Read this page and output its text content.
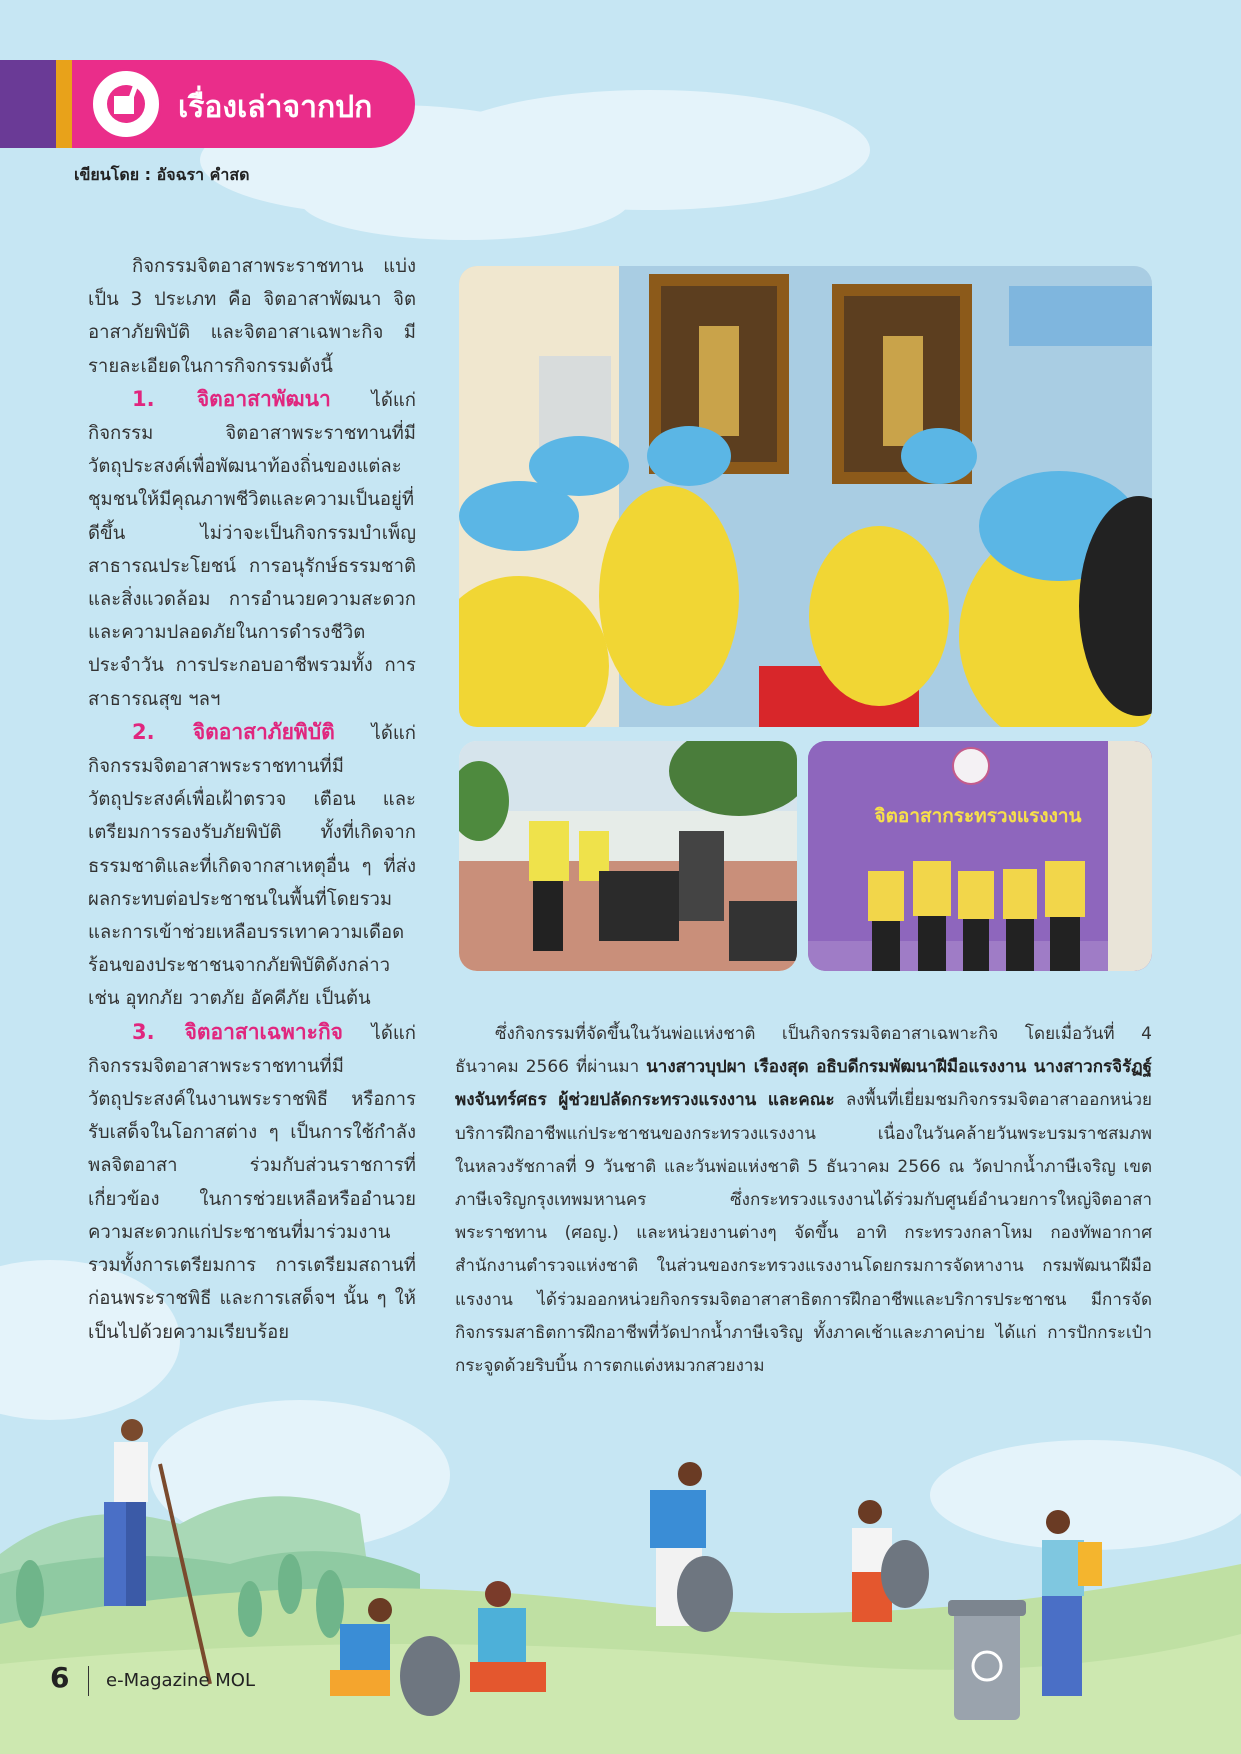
เรื่องเล่าจากปก
เขียนโดย : อัจฉรา คำสด

กิจกรรมจิตอาสาพระราชทาน แบ่งเป็น 3 ประเภท คือ จิตอาสาพัฒนา จิตอาสาภัยพิบัติ และจิตอาสาเฉพาะกิจ มีรายละเอียดในการกิจกรรมดังนี้

1. จิตอาสาพัฒนา ได้แก่ กิจกรรม จิตอาสาพระราชทานที่มีวัตถุประสงค์เพื่อพัฒนาท้องถิ่นของแต่ละชุมชนให้มีคุณภาพชีวิตและความเป็นอยู่ที่ดีขึ้น ไม่ว่าจะเป็นกิจกรรมบำเพ็ญสาธารณประโยชน์ การอนุรักษ์ธรรมชาติและสิ่งแวดล้อม การอำนวยความสะดวกและความปลอดภัยในการดำรงชีวิตประจำวัน การประกอบอาชีพรวมทั้ง การสาธารณสุข ฯลฯ

2. จิตอาสาภัยพิบัติ ได้แก่ กิจกรรมจิตอาสาพระราชทานที่มีวัตถุประสงค์เพื่อเฝ้าตรวจ เตือน และเตรียมการรองรับภัยพิบัติ ทั้งที่เกิดจากธรรมชาติและที่เกิดจากสาเหตุอื่น ๆ ที่ส่งผลกระทบต่อประชาชนในพื้นที่โดยรวม และการเข้าช่วยเหลือบรรเทาความเดือดร้อนของประชาชนจากภัยพิบัติดังกล่าว เช่น อุทกภัย วาตภัย อัคคีภัย เป็นต้น

3. จิตอาสาเฉพาะกิจ ได้แก่ กิจกรรมจิตอาสาพระราชทานที่มีวัตถุประสงค์ในงานพระราชพิธี หรือการรับเสด็จในโอกาสต่าง ๆ เป็นการใช้กำลังพลจิตอาสา ร่วมกับส่วนราชการที่เกี่ยวข้อง ในการช่วยเหลือหรืออำนวยความสะดวกแก่ประชาชนที่มาร่วมงานรวมทั้งการเตรียมการ การเตรียมสถานที่ก่อนพระราชพิธี และการเสด็จฯ นั้น ๆ ให้เป็นไปด้วยความเรียบร้อย

จิตอาสากระทรวงแรงงาน

ซึ่งกิจกรรมที่จัดขึ้นในวันพ่อแห่งชาติ เป็นกิจกรรมจิตอาสาเฉพาะกิจ โดยเมื่อวันที่ 4 ธันวาคม 2566 ที่ผ่านมา นางสาวบุปผา เรืองสุด อธิบดีกรมพัฒนาฝีมือแรงงาน นางสาวกรจิรัฏฐ์ พงจันทร์ศธร ผู้ช่วยปลัดกระทรวงแรงงาน และคณะ ลงพื้นที่เยี่ยมชมกิจกรรมจิตอาสาออกหน่วยบริการฝึกอาชีพแก่ประชาชนของกระทรวงแรงงาน เนื่องในวันคล้ายวันพระบรมราชสมภพในหลวงรัชกาลที่ 9 วันชาติ และวันพ่อแห่งชาติ 5 ธันวาคม 2566 ณ วัดปากน้ำภาษีเจริญ เขตภาษีเจริญกรุงเทพมหานคร ซึ่งกระทรวงแรงงานได้ร่วมกับศูนย์อำนวยการใหญ่จิตอาสาพระราชทาน (ศอญ.) และหน่วยงานต่างๆ จัดขึ้น อาทิ กระทรวงกลาโหม กองทัพอากาศ สำนักงานตำรวจแห่งชาติ ในส่วนของกระทรวงแรงงานโดยกรมการจัดหางาน กรมพัฒนาฝีมือแรงงาน ได้ร่วมออกหน่วยกิจกรรมจิตอาสาสาธิตการฝึกอาชีพและบริการประชาชน มีการจัดกิจกรรมสาธิตการฝึกอาชีพที่วัดปากน้ำภาษีเจริญ ทั้งภาคเช้าและภาคบ่าย ได้แก่ การปักกระเป๋ากระจูดด้วยริบบิ้น การตกแต่งหมวกสวยงาม

6 e-Magazine MOL
